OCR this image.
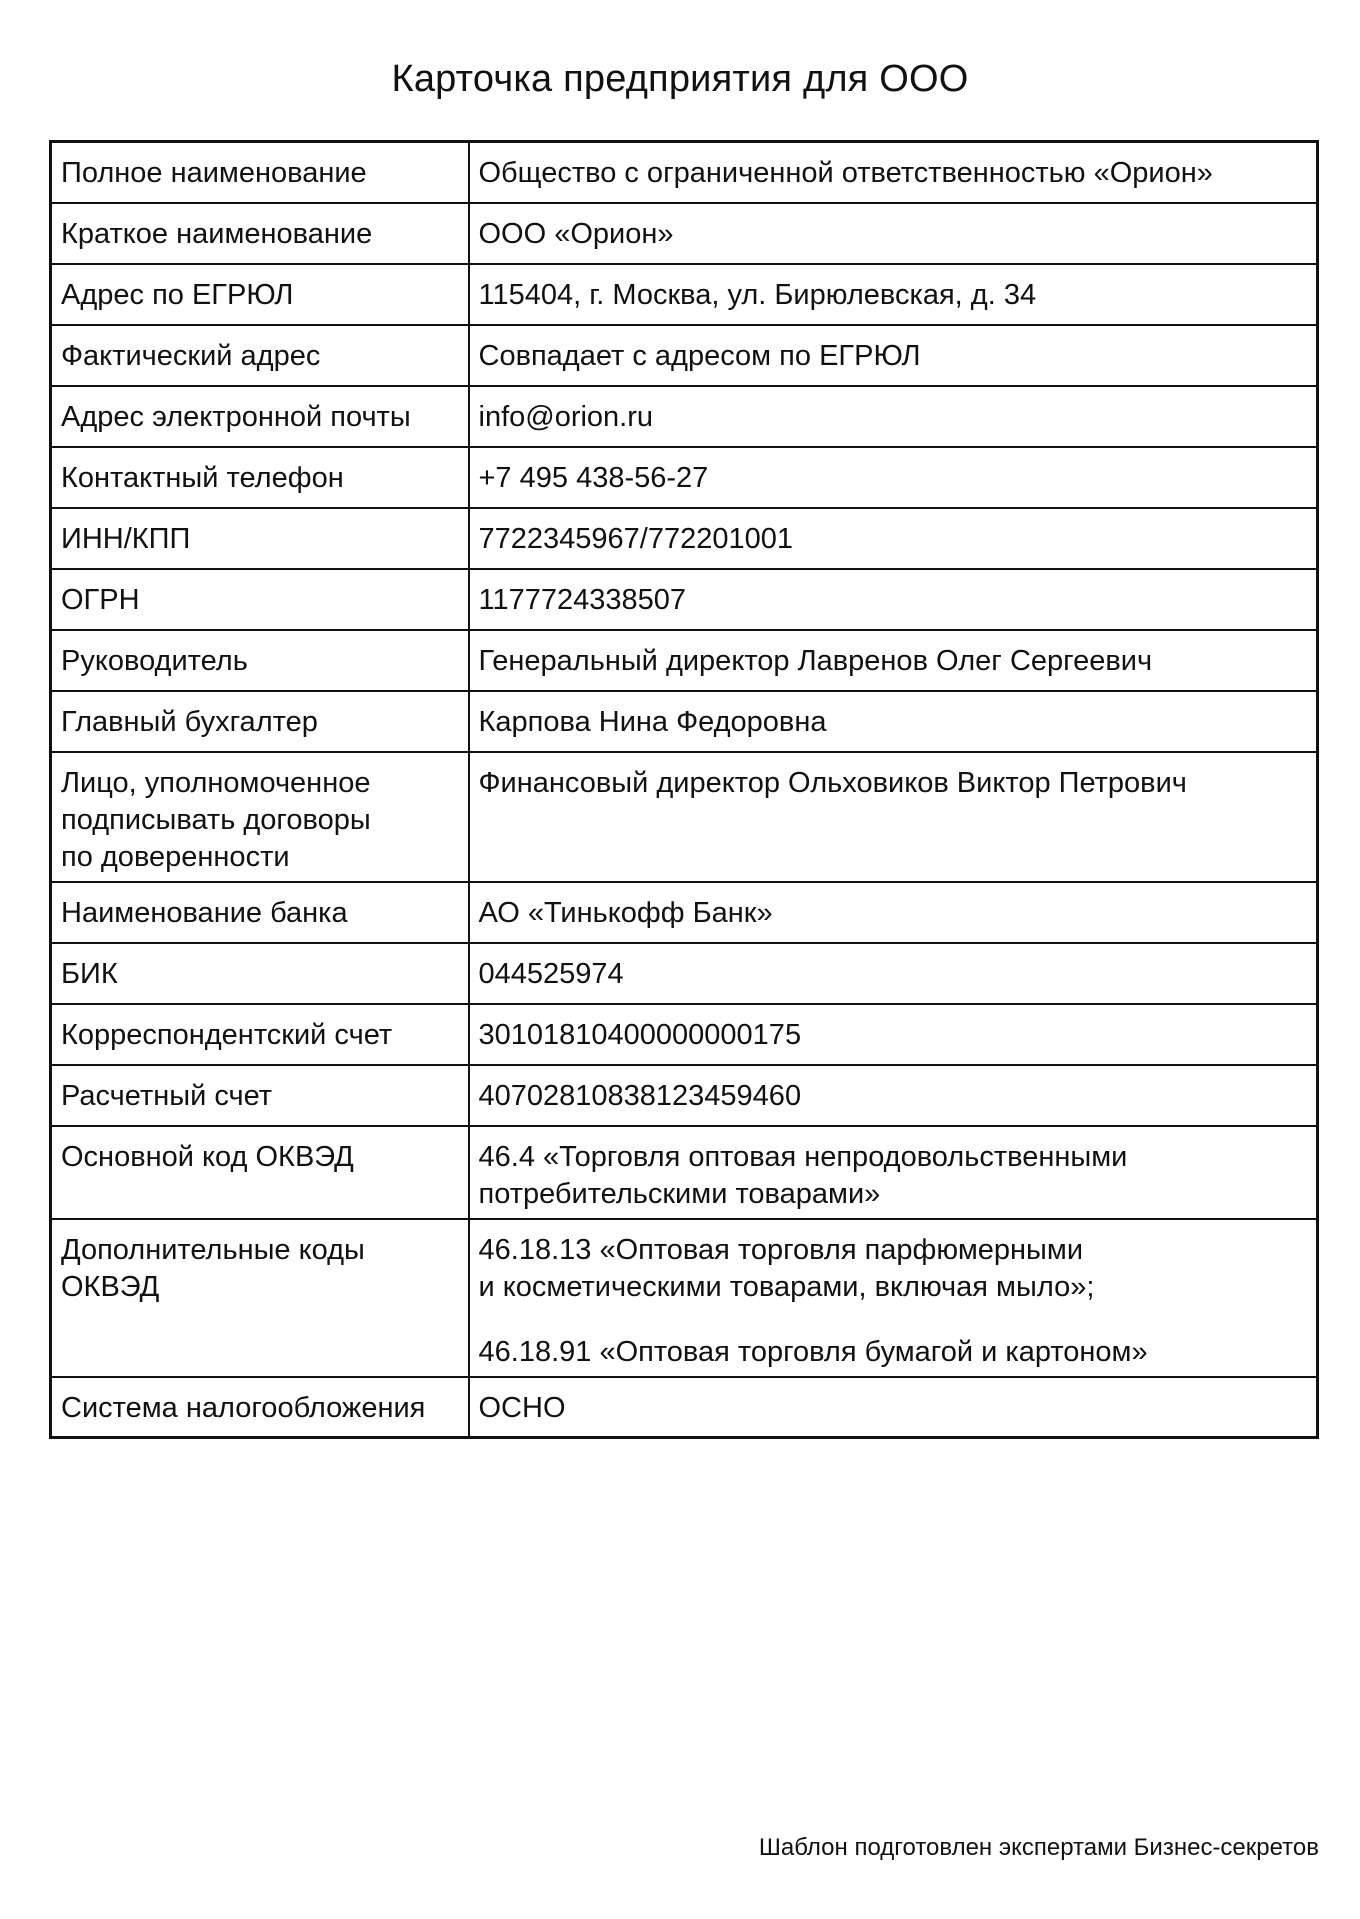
Карточка предприятия для ООО
Полное наименование	Общество с ограниченной ответственностью «Орион»
Краткое наименование	ООО «Орион»
Адрес по ЕГРЮЛ	115404, г. Москва, ул. Бирюлевская, д. 34
Фактический адрес	Совпадает с адресом по ЕГРЮЛ
Адрес электронной почты	info@orion.ru
Контактный телефон	+7 495 438-56-27
ИНН/КПП	7722345967/772201001
ОГРН	1177724338507
Руководитель	Генеральный директор Лавренов Олег Сергеевич
Главный бухгалтер	Карпова Нина Федоровна

Лицо, уполномоченное
подписывать договоры
по доверенности	Финансовый директор Ольховиков Виктор Петрович
Наименование банка	АО «Тинькофф Банк»
БИК	044525974
Корреспондентский счет	30101810400000000175
Расчетный счет	40702810838123459460
Основной код ОКВЭД	46.4 «Торговля оптовая непродовольственными
потребительскими товарами»

Дополнительные коды
ОКВЭД	46.18.13 «Оптовая торговля парфюмерными
и косметическими товарами, включая мыло»;
46.18.91 «Оптовая торговля бумагой и картоном»

Система налогообложения	ОСНО
Шаблон подготовлен экспертами Бизнес-секретов
